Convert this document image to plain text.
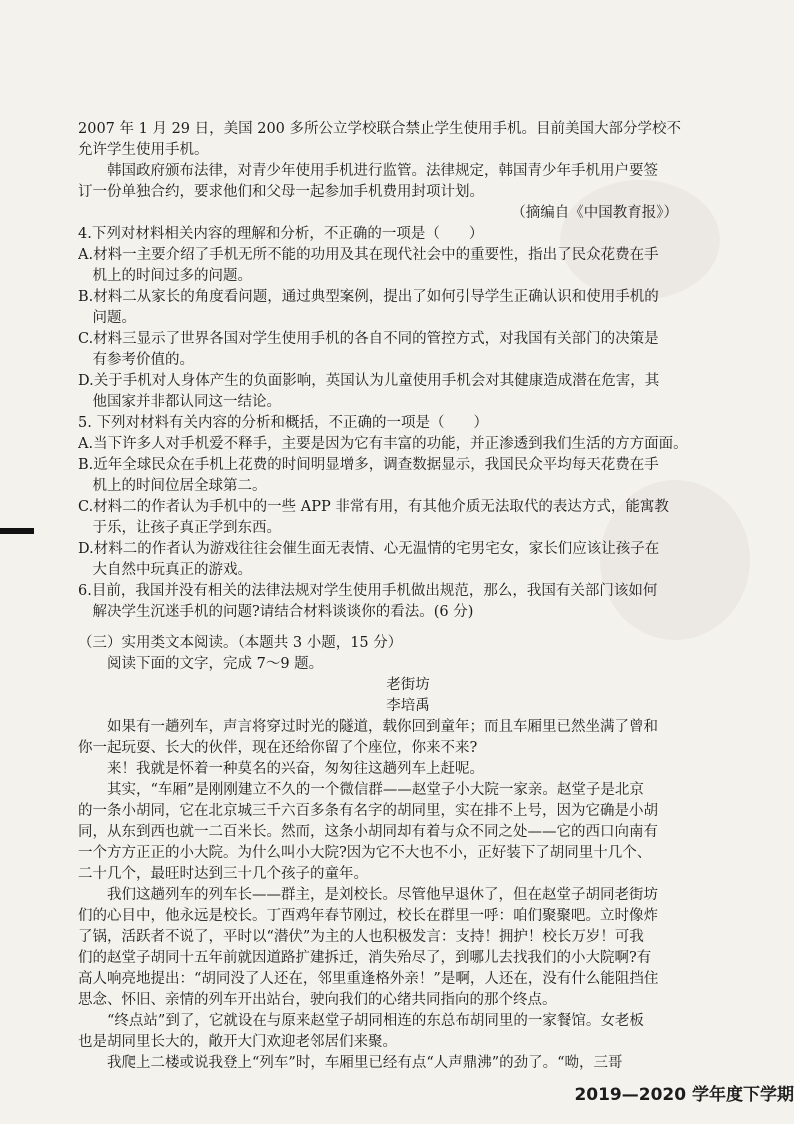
2007 年 1 月 29 日，美国 200 多所公立学校联合禁止学生使用手机。目前美国大部分学校不
允许学生使用手机。
韩国政府颁布法律，对青少年使用手机进行监管。法律规定，韩国青少年手机用户要签
订一份单独合约，要求他们和父母一起参加手机费用封项计划。
（摘编自《中国教育报》）
4.下列对材料相关内容的理解和分析，不正确的一项是（　　）
A.材料一主要介绍了手机无所不能的功用及其在现代社会中的重要性，指出了民众花费在手
机上的时间过多的问题。
B.材料二从家长的角度看问题，通过典型案例，提出了如何引导学生正确认识和使用手机的
问题。
C.材料三显示了世界各国对学生使用手机的各自不同的管控方式，对我国有关部门的决策是
有参考价值的。
D.关于手机对人身体产生的负面影响，英国认为儿童使用手机会对其健康造成潜在危害，其
他国家并非都认同这一结论。
5. 下列对材料有关内容的分析和概括，不正确的一项是（　　）
A.当下许多人对手机爱不释手，主要是因为它有丰富的功能，并正渗透到我们生活的方方面面。
B.近年全球民众在手机上花费的时间明显增多，调查数据显示，我国民众平均每天花费在手
机上的时间位居全球第二。
C.材料二的作者认为手机中的一些 APP 非常有用，有其他介质无法取代的表达方式，能寓教
于乐，让孩子真正学到东西。
D.材料二的作者认为游戏往往会催生面无表情、心无温情的宅男宅女，家长们应该让孩子在
大自然中玩真正的游戏。
6.目前，我国并没有相关的法律法规对学生使用手机做出规范，那么，我国有关部门该如何
解决学生沉迷手机的问题?请结合材料谈谈你的看法。(6 分)
（三）实用类文本阅读。（本题共 3 小题，15 分）
阅读下面的文字，完成 7～9 题。
老街坊
李培禹
如果有一趟列车，声言将穿过时光的隧道，载你回到童年；而且车厢里已然坐满了曾和
你一起玩耍、长大的伙伴，现在还给你留了个座位，你来不来?
来！我就是怀着一种莫名的兴奋，匆匆往这趟列车上赶呢。
其实，“车厢”是刚刚建立不久的一个微信群——赵堂子小大院一家亲。赵堂子是北京
的一条小胡同，它在北京城三千六百多条有名字的胡同里，实在排不上号，因为它确是小胡
同，从东到西也就一二百米长。然而，这条小胡同却有着与众不同之处——它的西口向南有
一个方方正正的小大院。为什么叫小大院?因为它不大也不小，正好装下了胡同里十几个、
二十几个，最旺时达到三十几个孩子的童年。
我们这趟列车的列车长——群主，是刘校长。尽管他早退休了，但在赵堂子胡同老街坊
们的心目中，他永远是校长。丁酉鸡年春节刚过，校长在群里一呼：咱们聚聚吧。立时像炸
了锅，活跃者不说了，平时以“潜伏”为主的人也积极发言：支持！拥护！校长万岁！可我
们的赵堂子胡同十五年前就因道路扩建拆迁，消失殆尽了，到哪儿去找我们的小大院啊?有
高人响亮地提出：“胡同没了人还在，邻里重逢格外亲！”是啊，人还在，没有什么能阻挡住
思念、怀旧、亲情的列车开出站台，驶向我们的心绪共同指向的那个终点。
“终点站”到了，它就设在与原来赵堂子胡同相连的东总布胡同里的一家餐馆。女老板
也是胡同里长大的，敞开大门欢迎老邻居们来聚。
我爬上二楼或说我登上“列车”时，车厢里已经有点“人声鼎沸”的劲了。“呦，三哥
2019—2020 学年度下学期
